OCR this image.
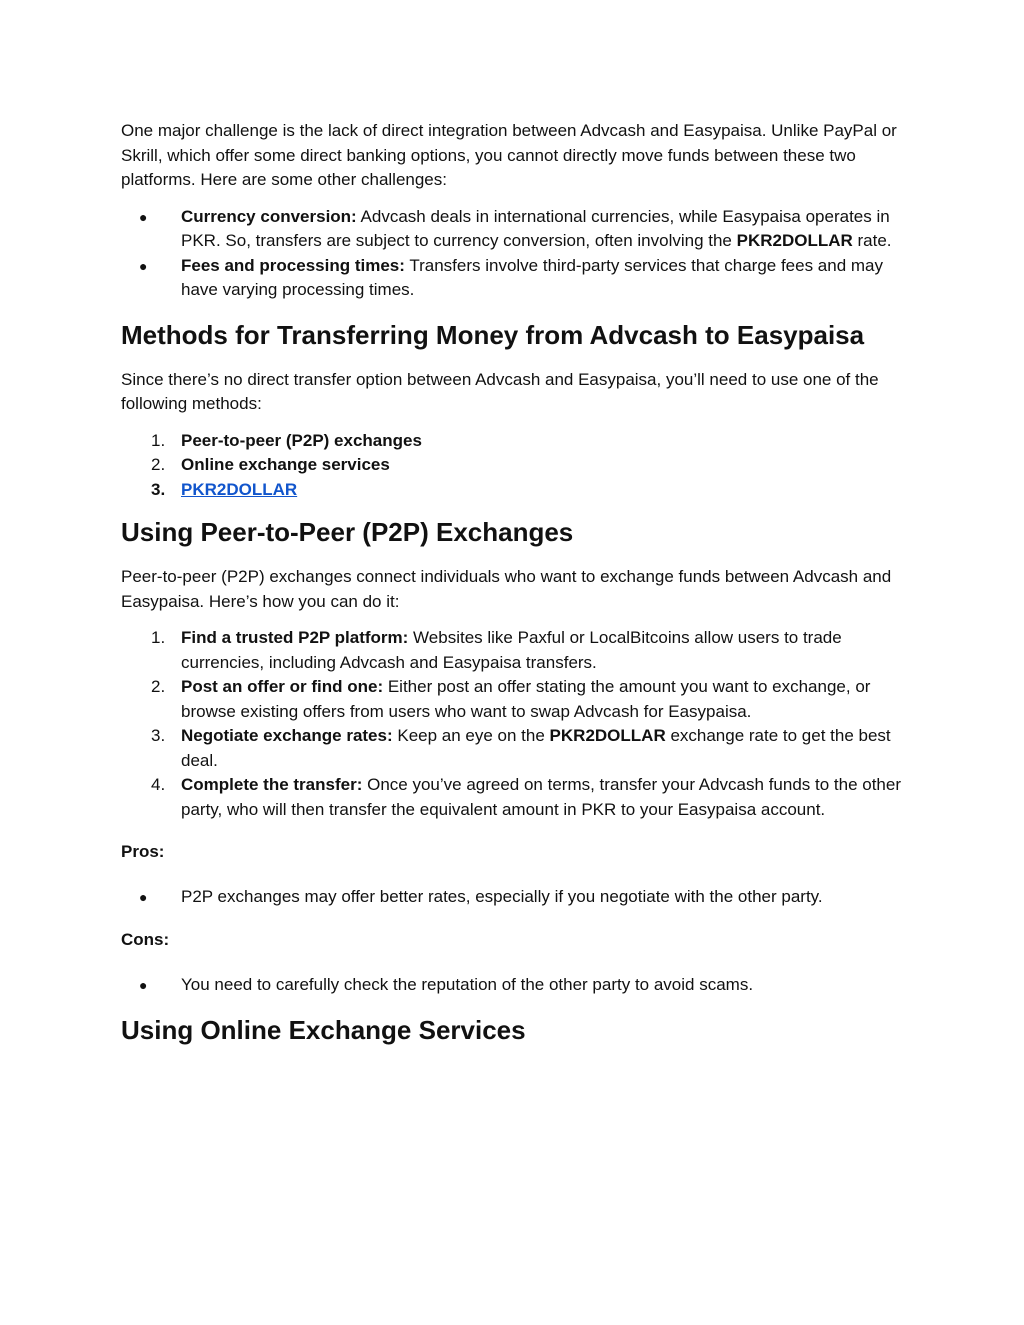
One major challenge is the lack of direct integration between Advcash and Easypaisa. Unlike PayPal or Skrill, which offer some direct banking options, you cannot directly move funds between these two platforms. Here are some other challenges:

● Currency conversion: Advcash deals in international currencies, while Easypaisa operates in PKR. So, transfers are subject to currency conversion, often involving the PKR2DOLLAR rate.
● Fees and processing times: Transfers involve third-party services that charge fees and may have varying processing times.
Methods for Transferring Money from Advcash to Easypaisa

Since there’s no direct transfer option between Advcash and Easypaisa, you’ll need to use one of the following methods:

1. Peer-to-peer (P2P) exchanges
2. Online exchange services
3. PKR2DOLLAR
Using Peer-to-Peer (P2P) Exchanges

Peer-to-peer (P2P) exchanges connect individuals who want to exchange funds between Advcash and Easypaisa. Here’s how you can do it:

1. Find a trusted P2P platform: Websites like Paxful or LocalBitcoins allow users to trade currencies, including Advcash and Easypaisa transfers.
2. Post an offer or find one: Either post an offer stating the amount you want to exchange, or browse existing offers from users who want to swap Advcash for Easypaisa.
3. Negotiate exchange rates: Keep an eye on the PKR2DOLLAR exchange rate to get the best deal.
4. Complete the transfer: Once you’ve agreed on terms, transfer your Advcash funds to the other party, who will then transfer the equivalent amount in PKR to your Easypaisa account.

Pros:

● P2P exchanges may offer better rates, especially if you negotiate with the other party.

Cons:

● You need to carefully check the reputation of the other party to avoid scams.
Using Online Exchange Services
